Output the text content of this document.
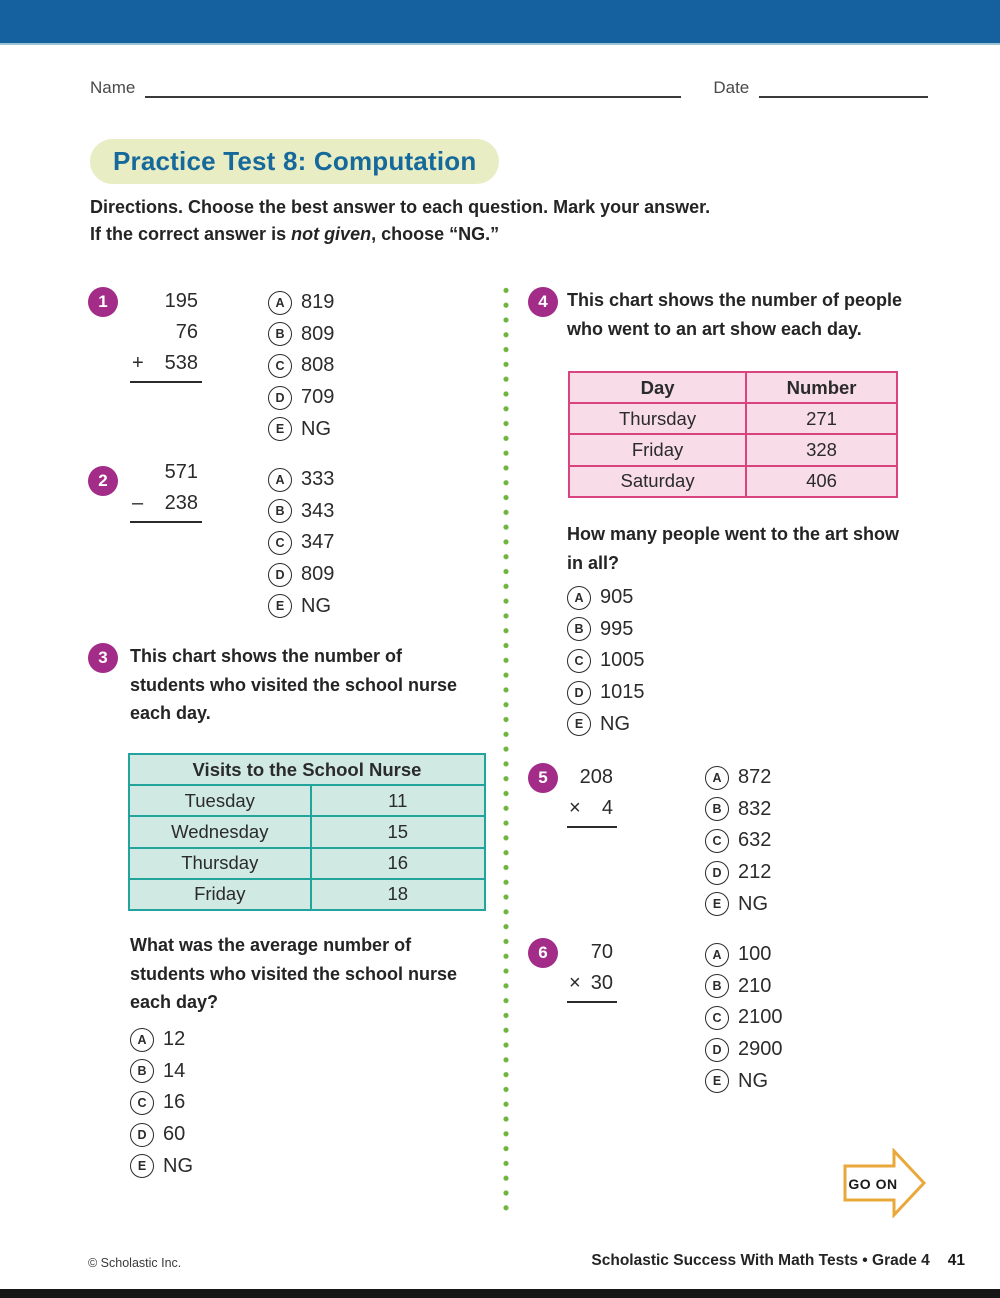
Name	Date
Practice Test 8: Computation
Directions. Choose the best answer to each question. Mark your answer.
If the correct answer is not given, choose “NG.”
1	195
76
+ 538
A 819
B 809
C 808
D 709
E NG
2	571
– 238
A 333
B 343
C 347
D 809
E NG
3	This chart shows the number of
students who visited the school nurse
each day.
Visits to the School Nurse	
Tuesday	11
Wednesday	15
Thursday	16
Friday	18
What was the average number of
students who visited the school nurse
each day?
A 12
B 14
C 16
D 60
E NG
4	This chart shows the number of people
who went to an art show each day.
Day	Number
Thursday	271
Friday	328
Saturday	406
How many people went to the art show
in all?
A 905
B 995
C 1005
D 1015
E NG
5	208
× 4
A 872
B 832
C 632
D 212
E NG
6	70
× 30
A 100
B 210
C 2100
D 2900
E NG
GO ON
© Scholastic Inc.	Scholastic Success With Math Tests • Grade 4 41
